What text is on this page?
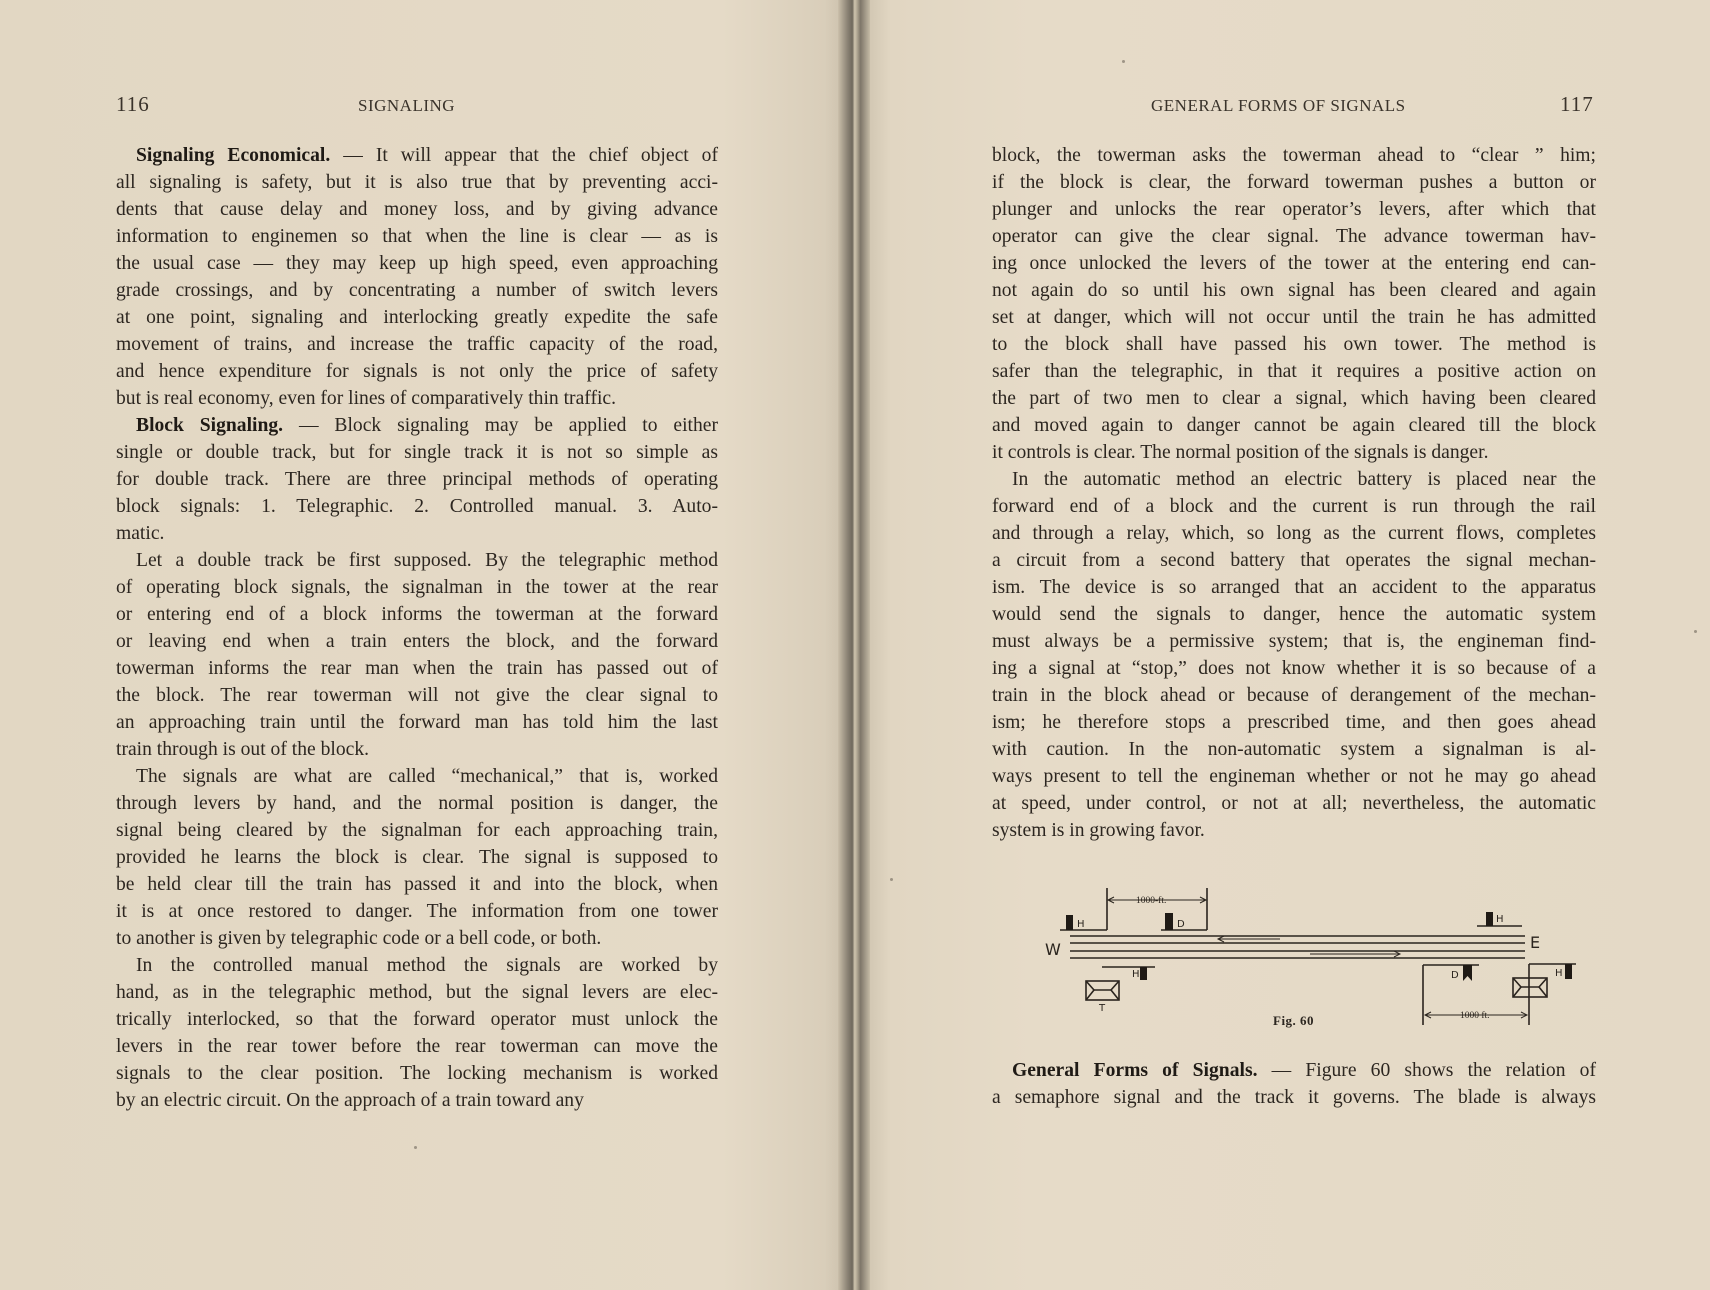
116	SIGNALING
Signaling Economical. — It will appear that the chief object of
all signaling is safety, but it is also true that by preventing acci-
dents that cause delay and money loss, and by giving advance
information to enginemen so that when the line is clear — as is
the usual case — they may keep up high speed, even approaching
grade crossings, and by concentrating a number of switch levers
at one point, signaling and interlocking greatly expedite the safe
movement of trains, and increase the traffic capacity of the road,
and hence expenditure for signals is not only the price of safety
but is real economy, even for lines of comparatively thin traffic.
Block Signaling. — Block signaling may be applied to either
single or double track, but for single track it is not so simple as
for double track. There are three principal methods of operating
block signals: 1. Telegraphic. 2. Controlled manual. 3. Auto-
matic.
Let a double track be first supposed. By the telegraphic method
of operating block signals, the signalman in the tower at the rear
or entering end of a block informs the towerman at the forward
or leaving end when a train enters the block, and the forward
towerman informs the rear man when the train has passed out of
the block. The rear towerman will not give the clear signal to
an approaching train until the forward man has told him the last
train through is out of the block.
The signals are what are called “mechanical,” that is, worked
through levers by hand, and the normal position is danger, the
signal being cleared by the signalman for each approaching train,
provided he learns the block is clear. The signal is supposed to
be held clear till the train has passed it and into the block, when
it is at once restored to danger. The information from one tower
to another is given by telegraphic code or a bell code, or both.
In the controlled manual method the signals are worked by
hand, as in the telegraphic method, but the signal levers are elec-
trically interlocked, so that the forward operator must unlock the
levers in the rear tower before the rear towerman can move the
signals to the clear position. The locking mechanism is worked
by an electric circuit. On the approach of a train toward any
GENERAL FORMS OF SIGNALS	117
block, the towerman asks the towerman ahead to “clear ” him;
if the block is clear, the forward towerman pushes a button or
plunger and unlocks the rear operator’s levers, after which that
operator can give the clear signal. The advance towerman hav-
ing once unlocked the levers of the tower at the entering end can-
not again do so until his own signal has been cleared and again
set at danger, which will not occur until the train he has admitted
to the block shall have passed his own tower. The method is
safer than the telegraphic, in that it requires a positive action on
the part of two men to clear a signal, which having been cleared
and moved again to danger cannot be again cleared till the block
it controls is clear. The normal position of the signals is danger.
In the automatic method an electric battery is placed near the
forward end of a block and the current is run through the rail
and through a relay, which, so long as the current flows, completes
a circuit from a second battery that operates the signal mechan-
ism. The device is so arranged that an accident to the apparatus
would send the signals to danger, hence the automatic system
must always be a permissive system; that is, the engineman find-
ing a signal at “stop,” does not know whether it is so because of a
train in the block ahead or because of derangement of the mechan-
ism; he therefore stops a prescribed time, and then goes ahead
with caution. In the non-automatic system a signalman is al-
ways present to tell the engineman whether or not he may go ahead
at speed, under control, or not at all; nevertheless, the automatic
system is in growing favor.
W	E
H	D
H
T
H
D	H
1000-ft.
1000 ft.
Fig. 60
General Forms of Signals. — Figure 60 shows the relation of
a semaphore signal and the track it governs. The blade is always
